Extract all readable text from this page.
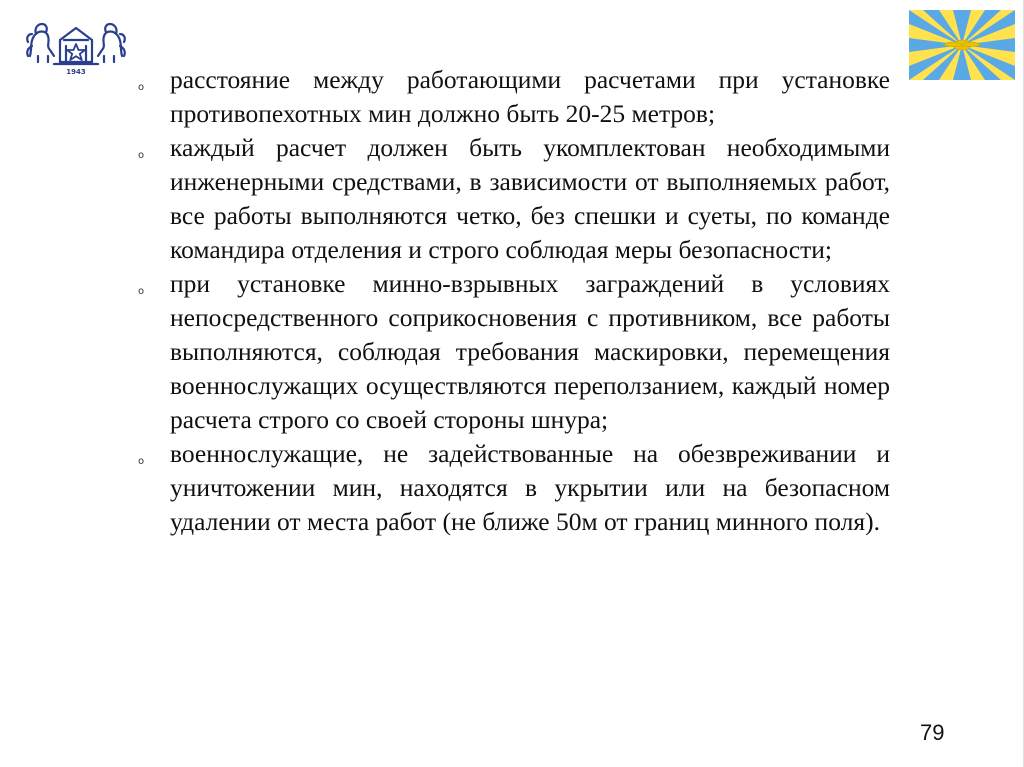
1943
o расстояние между работающими расчетами при установке противопехотных мин должно быть 20-25 метров;
o каждый расчет должен быть укомплектован необходимыми инженерными средствами, в зависимости от выполняемых работ, все работы выполняются четко, без спешки и суеты, по команде командира отделения и строго соблюдая меры безопасности;
o при установке минно-взрывных заграждений в условиях непосредственного соприкосновения с противником, все работы выполняются, соблюдая требования маскировки, перемещения военнослужащих осуществляются переползанием, каждый номер расчета строго со своей стороны шнура;
o военнослужащие, не задействованные на обезвреживании и уничтожении мин, находятся в укрытии или на безопасном удалении от места работ (не ближе 50м от границ минного поля).
79
